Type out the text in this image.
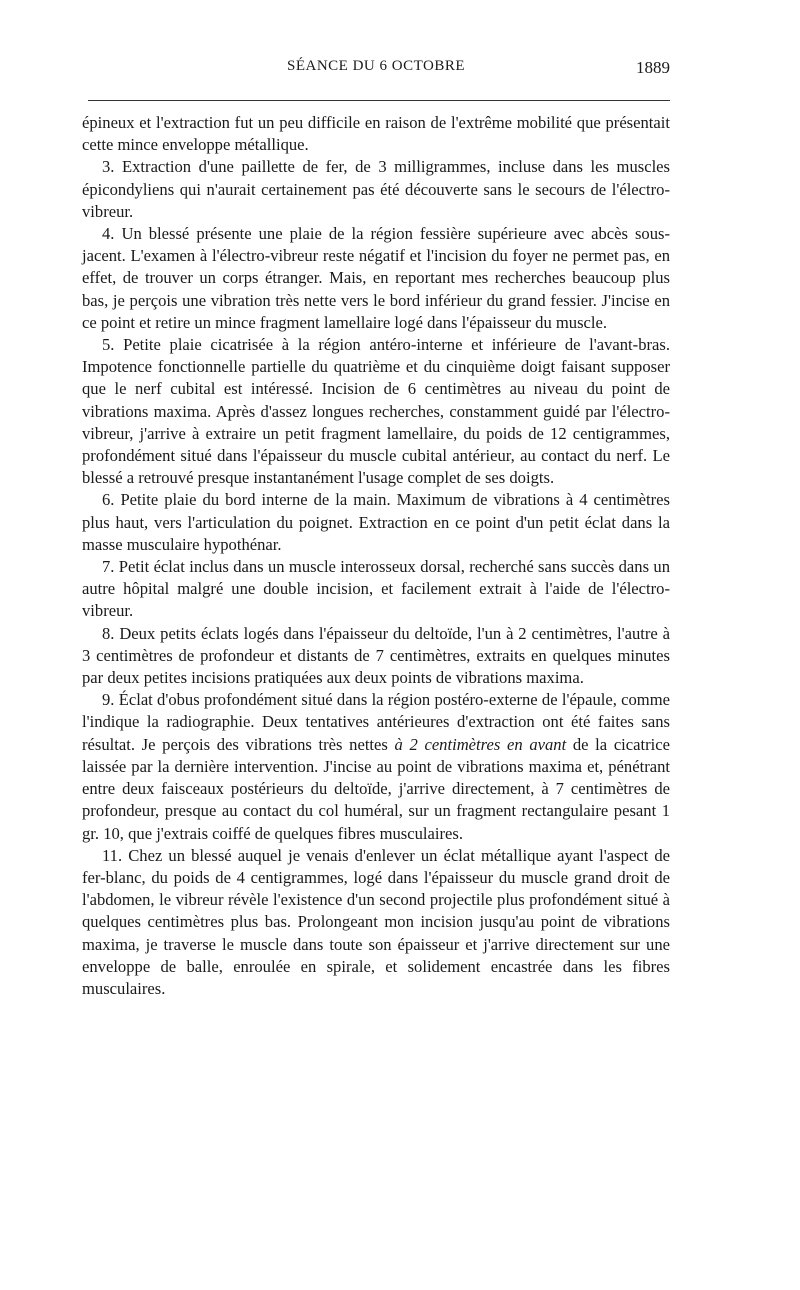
SÉANCE DU 6 OCTOBRE	1889

épineux et l'extraction fut un peu difficile en raison de l'extrême mobilité que présentait cette mince enveloppe métallique.

3. Extraction d'une paillette de fer, de 3 milligrammes, incluse dans les muscles épicondyliens qui n'aurait certainement pas été découverte sans le secours de l'électro-vibreur.

4. Un blessé présente une plaie de la région fessière supérieure avec abcès sous-jacent. L'examen à l'électro-vibreur reste négatif et l'incision du foyer ne permet pas, en effet, de trouver un corps étranger. Mais, en reportant mes recherches beaucoup plus bas, je perçois une vibration très nette vers le bord inférieur du grand fessier. J'incise en ce point et retire un mince fragment lamellaire logé dans l'épaisseur du muscle.

5. Petite plaie cicatrisée à la région antéro-interne et inférieure de l'avant-bras. Impotence fonctionnelle partielle du quatrième et du cinquième doigt faisant supposer que le nerf cubital est intéressé. Incision de 6 centimètres au niveau du point de vibrations maxima. Après d'assez longues recherches, constamment guidé par l'électro-vibreur, j'arrive à extraire un petit fragment lamellaire, du poids de 12 centigrammes, profondément situé dans l'épaisseur du muscle cubital antérieur, au contact du nerf. Le blessé a retrouvé presque instantanément l'usage complet de ses doigts.

6. Petite plaie du bord interne de la main. Maximum de vibrations à 4 centimètres plus haut, vers l'articulation du poignet. Extraction en ce point d'un petit éclat dans la masse musculaire hypothénar.

7. Petit éclat inclus dans un muscle interosseux dorsal, recherché sans succès dans un autre hôpital malgré une double incision, et facilement extrait à l'aide de l'électro-vibreur.

8. Deux petits éclats logés dans l'épaisseur du deltoïde, l'un à 2 centimètres, l'autre à 3 centimètres de profondeur et distants de 7 centimètres, extraits en quelques minutes par deux petites incisions pratiquées aux deux points de vibrations maxima.

9. Éclat d'obus profondément situé dans la région postéro-externe de l'épaule, comme l'indique la radiographie. Deux tentatives antérieures d'extraction ont été faites sans résultat. Je perçois des vibrations très nettes à 2 centimètres en avant de la cicatrice laissée par la dernière intervention. J'incise au point de vibrations maxima et, pénétrant entre deux faisceaux postérieurs du deltoïde, j'arrive directement, à 7 centimètres de profondeur, presque au contact du col huméral, sur un fragment rectangulaire pesant 1 gr. 10, que j'extrais coiffé de quelques fibres musculaires.

11. Chez un blessé auquel je venais d'enlever un éclat métallique ayant l'aspect de fer-blanc, du poids de 4 centigrammes, logé dans l'épaisseur du muscle grand droit de l'abdomen, le vibreur révèle l'existence d'un second projectile plus profondément situé à quelques centimètres plus bas. Prolongeant mon incision jusqu'au point de vibrations maxima, je traverse le muscle dans toute son épaisseur et j'arrive directement sur une enveloppe de balle, enroulée en spirale, et solidement encastrée dans les fibres musculaires.
